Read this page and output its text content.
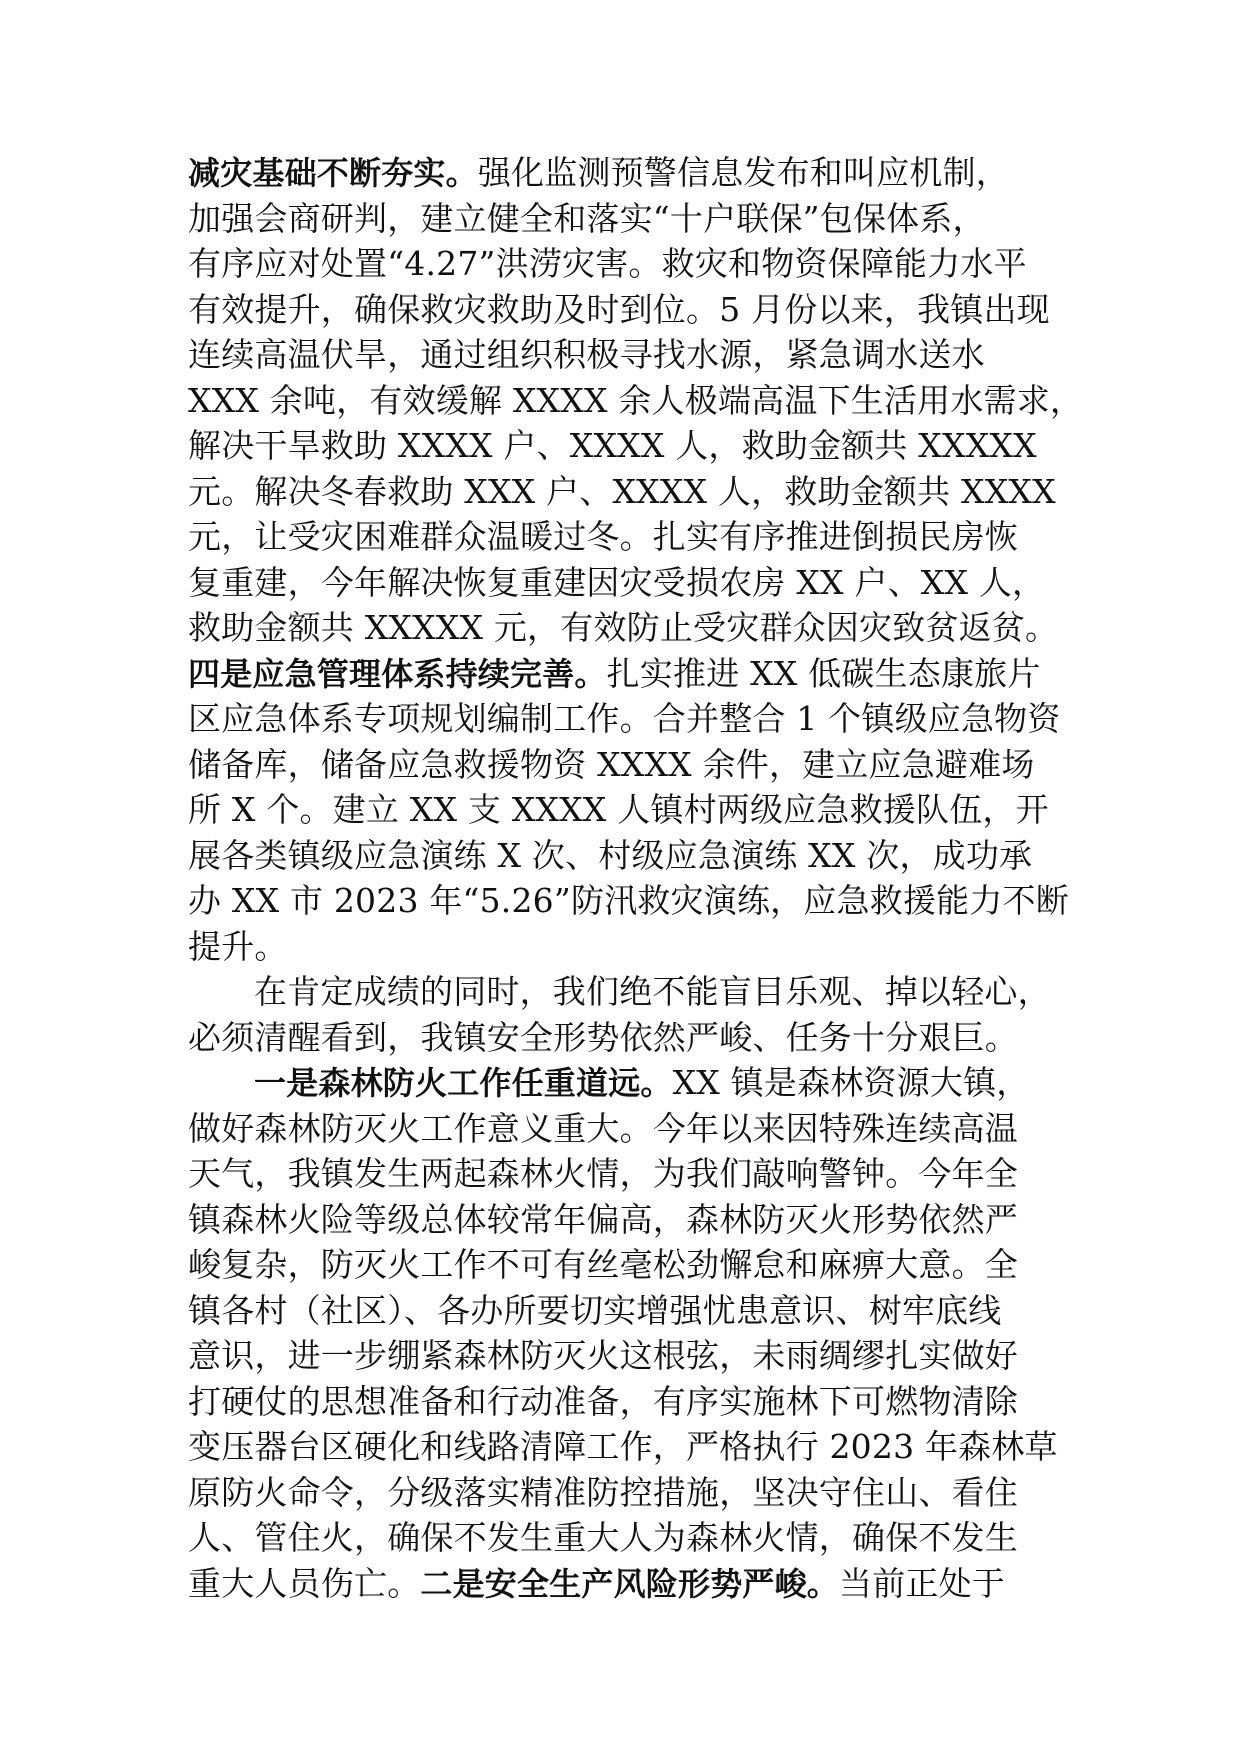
减灾基础不断夯实。强化监测预警信息发布和叫应机制，
加强会商研判，建立健全和落实“十户联保”包保体系，
有序应对处置“4.27”洪涝灾害。救灾和物资保障能力水平
有效提升，确保救灾救助及时到位。5 月份以来，我镇出现
连续高温伏旱，通过组织积极寻找水源，紧急调水送水
XXX 余吨，有效缓解 XXXX 余人极端高温下生活用水需求，
解决干旱救助 XXXX 户、XXXX 人，救助金额共 XXXXX
元。解决冬春救助 XXX 户、XXXX 人，救助金额共 XXXX
元，让受灾困难群众温暖过冬。扎实有序推进倒损民房恢
复重建，今年解决恢复重建因灾受损农房 XX 户、XX 人，
救助金额共 XXXXX 元，有效防止受灾群众因灾致贫返贫。
四是应急管理体系持续完善。扎实推进 XX 低碳生态康旅片
区应急体系专项规划编制工作。合并整合 1 个镇级应急物资
储备库，储备应急救援物资 XXXX 余件，建立应急避难场
所 X 个。建立 XX 支 XXXX 人镇村两级应急救援队伍，开
展各类镇级应急演练 X 次、村级应急演练 XX 次，成功承
办 XX 市 2023 年“5.26”防汛救灾演练，应急救援能力不断
提升。
在肯定成绩的同时，我们绝不能盲目乐观、掉以轻心，
必须清醒看到，我镇安全形势依然严峻、任务十分艰巨。
一是森林防火工作任重道远。XX 镇是森林资源大镇，
做好森林防灭火工作意义重大。今年以来因特殊连续高温
天气，我镇发生两起森林火情，为我们敲响警钟。今年全
镇森林火险等级总体较常年偏高，森林防灭火形势依然严
峻复杂，防灭火工作不可有丝毫松劲懈怠和麻痹大意。全
镇各村（社区）、各办所要切实增强忧患意识、树牢底线
意识，进一步绷紧森林防灭火这根弦，未雨绸缪扎实做好
打硬仗的思想准备和行动准备，有序实施林下可燃物清除
变压器台区硬化和线路清障工作，严格执行 2023 年森林草
原防火命令，分级落实精准防控措施，坚决守住山、看住
人、管住火，确保不发生重大人为森林火情，确保不发生
重大人员伤亡。二是安全生产风险形势严峻。当前正处于
